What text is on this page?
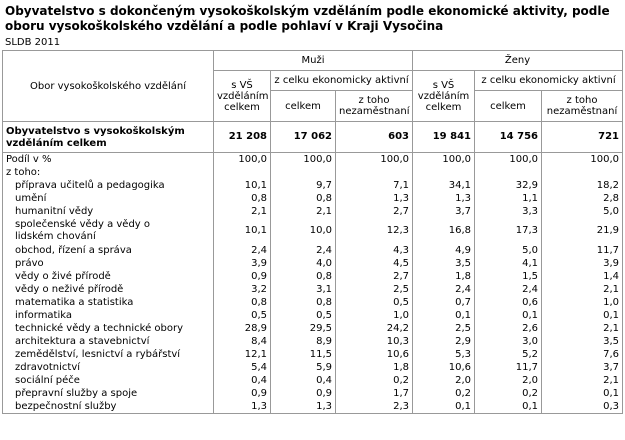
Obyvatelstvo s dokončeným vysokoškolským vzděláním podle ekonomické aktivity, podle oboru vysokoškolského vzdělání a podle pohlaví v Kraji Vysočina
SLDB 2011
Obor vysokoškolského vzdělání	Muži			Ženy		
	s VŠ vzděláním celkem	z celku ekonomicky aktivní		s VŠ vzděláním celkem	z celku ekonomicky aktivní	
		celkem	z toho nezaměstnaní		celkem	z toho nezaměstnaní
Obyvatelstvo s vysokoškolským vzděláním celkem	21 208	17 062	603	19 841	14 756	721
Podíl v %	100,0	100,0	100,0	100,0	100,0	100,0
z toho:						
příprava učitelů a pedagogika	10,1	9,7	7,1	34,1	32,9	18,2
umění	0,8	0,8	1,3	1,3	1,1	2,8
humanitní vědy	2,1	2,1	2,7	3,7	3,3	5,0
společenské vědy a vědy o lidském chování	10,1	10,0	12,3	16,8	17,3	21,9
obchod, řízení a správa	2,4	2,4	4,3	4,9	5,0	11,7
právo	3,9	4,0	4,5	3,5	4,1	3,9
vědy o živé přírodě	0,9	0,8	2,7	1,8	1,5	1,4
vědy o neživé přírodě	3,2	3,1	2,5	2,4	2,4	2,1
matematika a statistika	0,8	0,8	0,5	0,7	0,6	1,0
informatika	0,5	0,5	1,0	0,1	0,1	0,1
technické vědy a technické obory	28,9	29,5	24,2	2,5	2,6	2,1
architektura a stavebnictví	8,4	8,9	10,3	2,9	3,0	3,5
zemědělství, lesnictví a rybářství	12,1	11,5	10,6	5,3	5,2	7,6
zdravotnictví	5,4	5,9	1,8	10,6	11,7	3,7
sociální péče	0,4	0,4	0,2	2,0	2,0	2,1
přepravní služby a spoje	0,9	0,9	1,7	0,2	0,2	0,1
bezpečnostní služby	1,3	1,3	2,3	0,1	0,1	0,3
